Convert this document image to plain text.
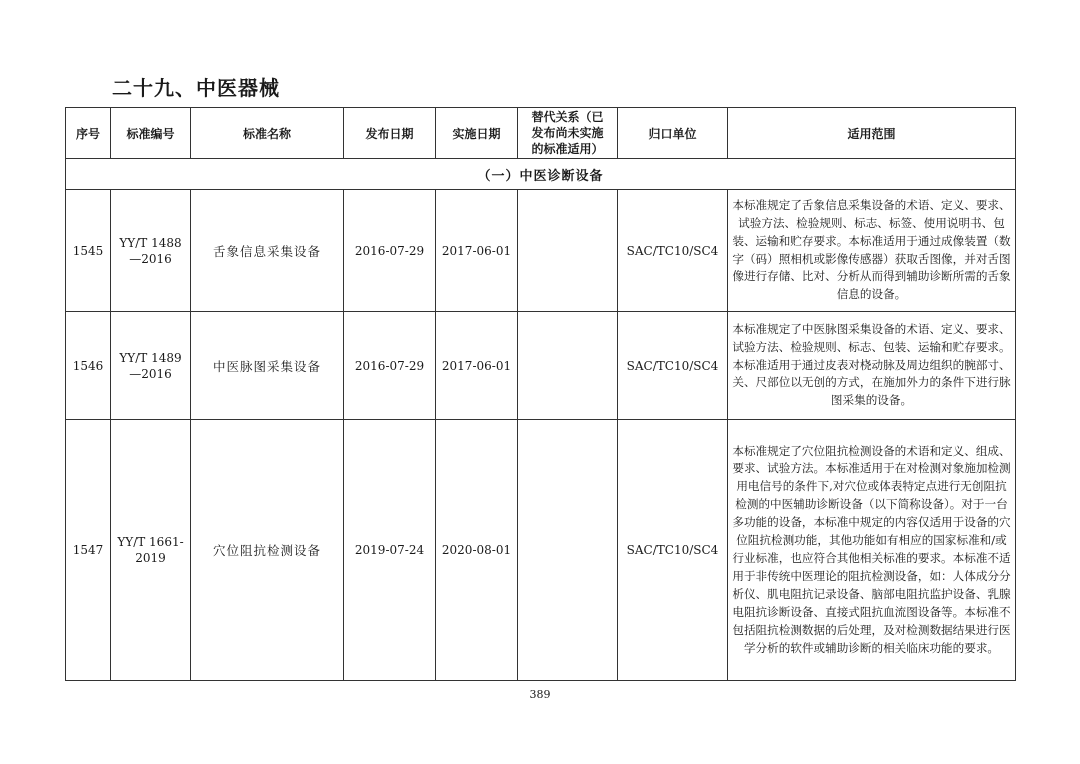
二十九、中医器械
序号	标准编号	标准名称	发布日期	实施日期	替代关系（已
发布尚未实施
的标准适用）	归口单位	适用范围
（一）中医诊断设备							
1545	YY/T 1488
—2016	舌象信息采集设备	2016-07-29	2017-06-01		SAC/TC10/SC4	本标准规定了舌象信息采集设备的术语、定义、要求、试验方法、检验规则、标志、标签、使用说明书、包装、运输和贮存要求。本标准适用于通过成像装置（数字（码）照相机或影像传感器）获取舌图像，并对舌图像进行存储、比对、分析从而得到辅助诊断所需的舌象信息的设备。
1546	YY/T 1489
—2016	中医脉图采集设备	2016-07-29	2017-06-01		SAC/TC10/SC4	本标准规定了中医脉图采集设备的术语、定义、要求、试验方法、检验规则、标志、包装、运输和贮存要求。本标准适用于通过皮表对桡动脉及周边组织的腕部寸、关、尺部位以无创的方式，在施加外力的条件下进行脉图采集的设备。
1547	YY/T 1661-
2019	穴位阻抗检测设备	2019-07-24	2020-08-01		SAC/TC10/SC4	本标准规定了穴位阻抗检测设备的术语和定义、组成、要求、试验方法。本标准适用于在对检测对象施加检测用电信号的条件下,对穴位或体表特定点进行无创阻抗检测的中医辅助诊断设备（以下简称设备）。对于一台多功能的设备，本标准中规定的内容仅适用于设备的穴位阻抗检测功能，其他功能如有相应的国家标准和/或行业标准，也应符合其他相关标准的要求。本标准不适用于非传统中医理论的阻抗检测设备，如：人体成分分析仪、肌电阻抗记录设备、脑部电阻抗监护设备、乳腺电阻抗诊断设备、直接式阻抗血流图设备等。本标准不包括阻抗检测数据的后处理，及对检测数据结果进行医学分析的软件或辅助诊断的相关临床功能的要求。
389
